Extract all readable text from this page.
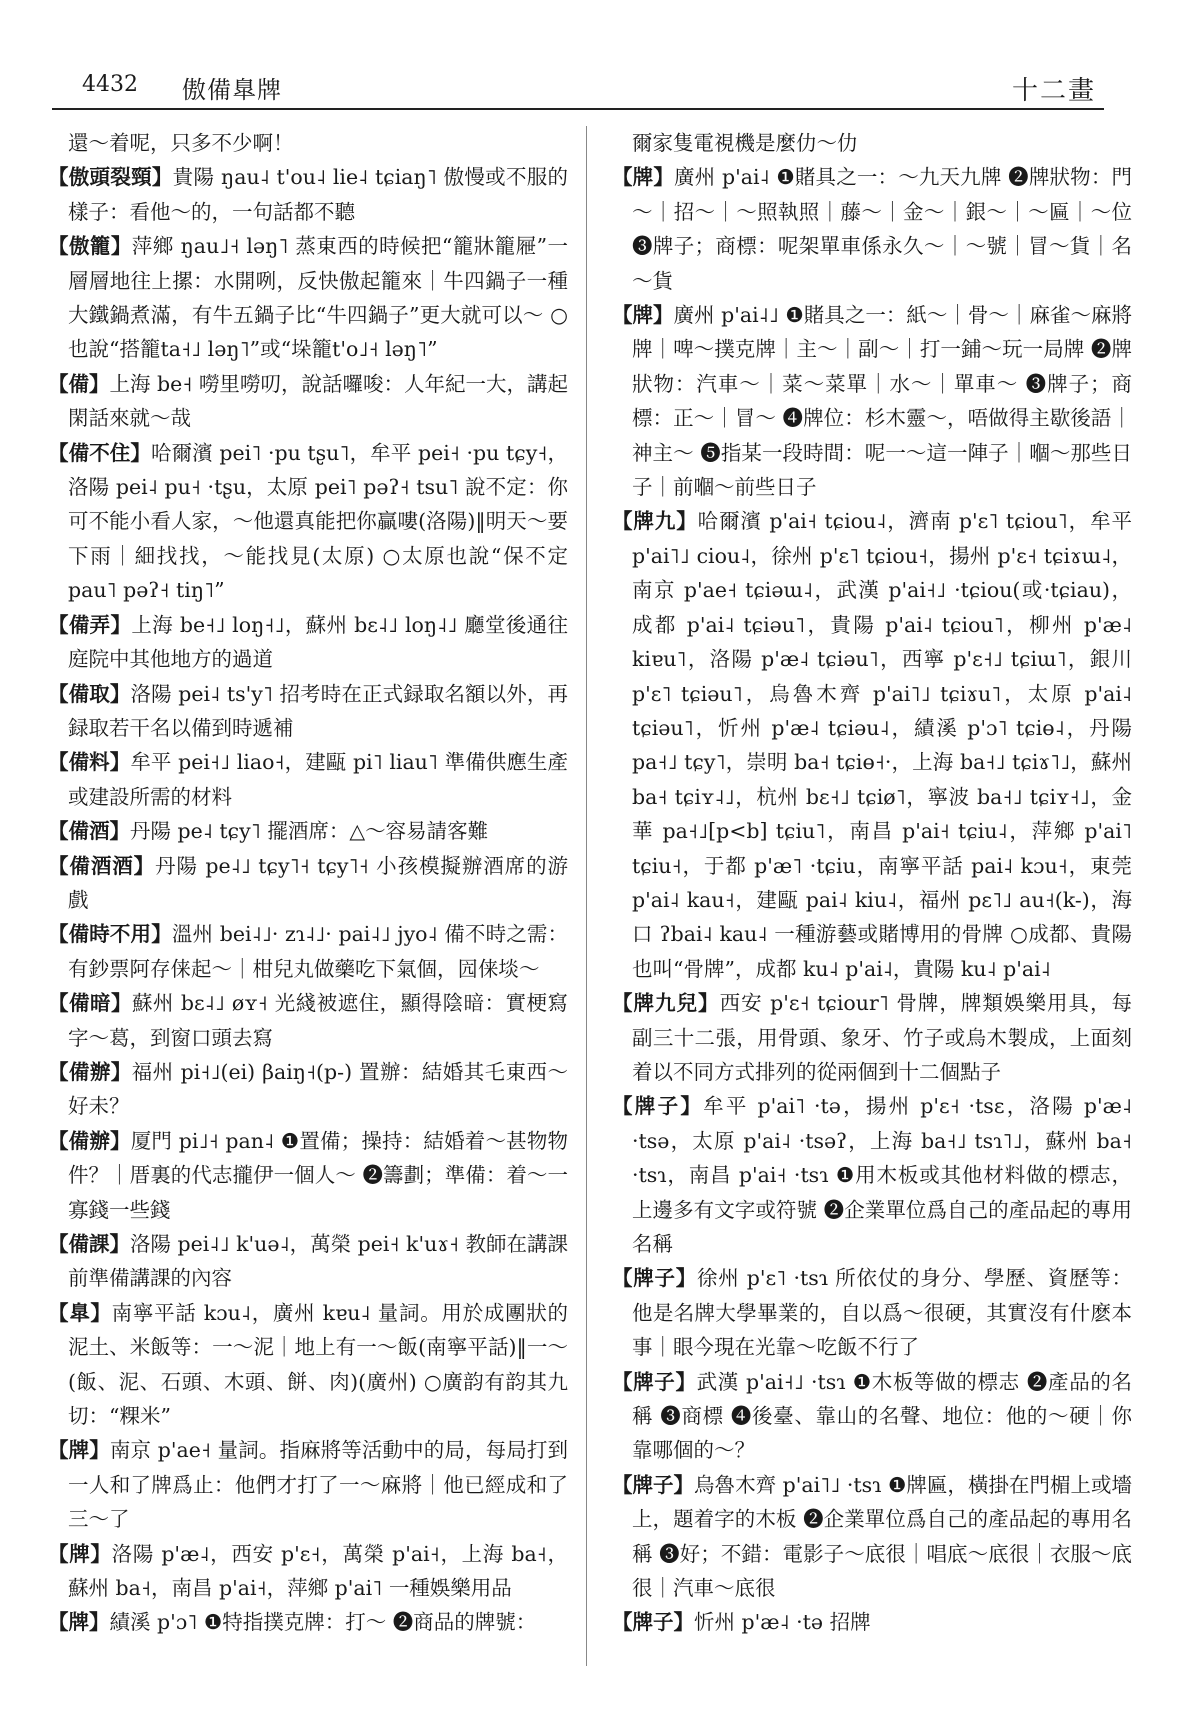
4432 傲備臯牌	十二畫

還～着呢，只多不少啊！

【傲頭裂頸】貴陽 ŋau˨ t'ou˨ lie˨ tɕiaŋ˥ 傲慢或不服的樣子：看他～的，一句話都不聽

【傲籠】萍鄉 ŋau˩˧ ləŋ˥ 蒸東西的時候把“籠牀籠屜”一層層地往上摞：水開咧，反快傲起籠來｜牛四鍋子一種大鐵鍋煮滿，有牛五鍋子比“牛四鍋子”更大就可以～ ○也說“搭籠ta˧˩ ləŋ˥”或“垛籠t'o˩˧ ləŋ˥”

【備】上海 be˧ 嘮里嘮叨，說話囉唆：人年紀一大，講起閑話來就～哉

【備不住】哈爾濱 pei˥ ·pu tʂu˥，牟平 pei˧ ·pu tɕy˧，洛陽 pei˨ pu˧ ·tʂu，太原 pei˥ pəʔ˧ tsu˥ 說不定：你可不能小看人家，～他還真能把你贏嘍(洛陽)‖明天～要下雨｜細找找，～能找見(太原) ○太原也說“保不定 pau˥ pəʔ˧ tiŋ˥”

【備弄】上海 be˧˩ loŋ˧˩，蘇州 bɛ˨˩ loŋ˨˩ 廳堂後通往庭院中其他地方的過道

【備取】洛陽 pei˨ ts'y˥ 招考時在正式録取名額以外，再録取若干名以備到時遞補

【備料】牟平 pei˧˩ liao˧，建甌 pi˥ liau˥ 準備供應生產或建設所需的材料

【備酒】丹陽 pe˨ tɕy˥ 擺酒席：△～容易請客難

【備酒酒】丹陽 pe˨˩ tɕy˥˧ tɕy˥˧ 小孩模擬辦酒席的游戲

【備時不用】溫州 bei˨˩· zɿ˨˩· pai˨˩ jyo˨ 備不時之需：有鈔票阿存俫起～｜柑兒丸做藥吃下氣個，囥俫埮～

【備暗】蘇州 bɛ˨˩ øʏ˧ 光綫被遮住，顯得陰暗：實梗寫字～葛，到窗口頭去寫

【備辦】福州 pi˧˩(ei) βaiŋ˧(p-) 置辦：結婚其乇東西～好未？

【備辦】厦門 pi˩˧ pan˨ ❶置備；操持：結婚着～甚物物件？｜厝裏的代志攏伊一個人～ ❷籌劃；準備：着～一寡錢一些錢

【備課】洛陽 pei˨˩ k'uə˨，萬榮 pei˧ k'uɤ˧ 教師在講課前準備講課的內容

【臯】南寧平話 kɔu˨，廣州 kɐu˨ 量詞。用於成團狀的泥土、米飯等：一～泥｜地上有一～飯(南寧平話)‖一～(飯、泥、石頭、木頭、餅、肉)(廣州) ○廣韵有韵其九切：“粿米”

【牌】南京 p'ae˧ 量詞。指麻將等活動中的局，每局打到一人和了牌爲止：他們才打了一～麻將｜他已經成和了三～了

【牌】洛陽 p'æ˨，西安 p'ɛ˧，萬榮 p'ai˧，上海 ba˧，蘇州 ba˧，南昌 p'ai˧，萍鄉 p'ai˥ 一種娛樂用品

【牌】績溪 p'ɔ˥ ❶特指撲克牌：打～ ❷商品的牌號：

爾家隻電視機是麼仂～仂

【牌】廣州 p'ai˨ ❶賭具之一：～九天九牌 ❷牌狀物：門～｜招～｜～照執照｜藤～｜金～｜銀～｜～匾｜～位 ❸牌子；商標：呢架單車係永久～｜～號｜冒～貨｜名～貨

【牌】廣州 p'ai˨˩ ❶賭具之一：紙～｜骨～｜麻雀～麻將牌｜啤～撲克牌｜主～｜副～｜打一鋪～玩一局牌 ❷牌狀物：汽車～｜菜～菜單｜水～｜單車～ ❸牌子；商標：正～｜冒～ ❹牌位：杉木靈～，唔做得主歇後語｜神主～ ❺指某一段時間：呢一～這一陣子｜嗰～那些日子｜前嗰～前些日子

【牌九】哈爾濱 p'ai˧ tɕiou˨，濟南 p'ɛ˥ tɕiou˥，牟平 p'ai˥˩ ciou˨，徐州 p'ɛ˥ tɕiou˧，揚州 p'ɛ˧ tɕiɤɯ˨，南京 p'ae˧ tɕiəɯ˨，武漢 p'ai˧˩ ·tɕiou(或·tɕiau)，成都 p'ai˨ tɕiəu˥，貴陽 p'ai˨ tɕiou˥，柳州 p'æ˨ kiɐu˥，洛陽 p'æ˨ tɕiəu˥，西寧 p'ɛ˧˩ tɕiɯ˥，銀川 p'ɛ˥ tɕiəu˥，烏魯木齊 p'ai˥˩ tɕiɤu˥，太原 p'ai˨ tɕiəu˥，忻州 p'æ˨ tɕiəu˨，績溪 p'ɔ˥ tɕiɵ˨，丹陽 pa˧˩ tɕy˥，崇明 ba˧ tɕiɵ˧·，上海 ba˧˩ tɕiɤ˥˩，蘇州 ba˧ tɕiʏ˨˩，杭州 bɛ˧˩ tɕiø˥，寧波 ba˧˩ tɕiʏ˧˩，金華 pa˧˩[p<b] tɕiu˥，南昌 p'ai˧ tɕiu˨，萍鄉 p'ai˥ tɕiu˧，于都 p'æ˥ ·tɕiu，南寧平話 pai˨ kɔu˧，東莞 p'ai˨ kau˧，建甌 pai˨ kiu˨，福州 pɛ˥˩ au˧(k-)，海口 ʔbai˨ kau˨ 一種游藝或賭博用的骨牌 ○成都、貴陽也叫“骨牌”，成都 ku˨ p'ai˨，貴陽 ku˨ p'ai˨

【牌九兒】西安 p'ɛ˧ tɕiour˥ 骨牌，牌類娛樂用具，每副三十二張，用骨頭、象牙、竹子或烏木製成，上面刻着以不同方式排列的從兩個到十二個點子

【牌子】牟平 p'ai˥ ·tə，揚州 p'ɛ˧ ·tsɛ，洛陽 p'æ˨ ·tsə，太原 p'ai˨ ·tsəʔ，上海 ba˧˩ tsɿ˥˩，蘇州 ba˧ ·tsɿ，南昌 p'ai˧ ·tsɿ ❶用木板或其他材料做的標志，上邊多有文字或符號 ❷企業單位爲自己的產品起的專用名稱

【牌子】徐州 p'ɛ˥ ·tsɿ 所依仗的身分、學歷、資歷等：他是名牌大學畢業的，自以爲～很硬，其實沒有什麽本事｜眼今現在光靠～吃飯不行了

【牌子】武漢 p'ai˧˩ ·tsɿ ❶木板等做的標志 ❷產品的名稱 ❸商標 ❹後臺、靠山的名聲、地位：他的～硬｜你靠哪個的～？

【牌子】烏魯木齊 p'ai˥˩ ·tsɿ ❶牌匾，橫掛在門楣上或墻上，題着字的木板 ❷企業單位爲自己的產品起的專用名稱 ❸好；不錯：電影子～底很｜唱底～底很｜衣服～底很｜汽車～底很

【牌子】忻州 p'æ˨ ·tə 招牌
